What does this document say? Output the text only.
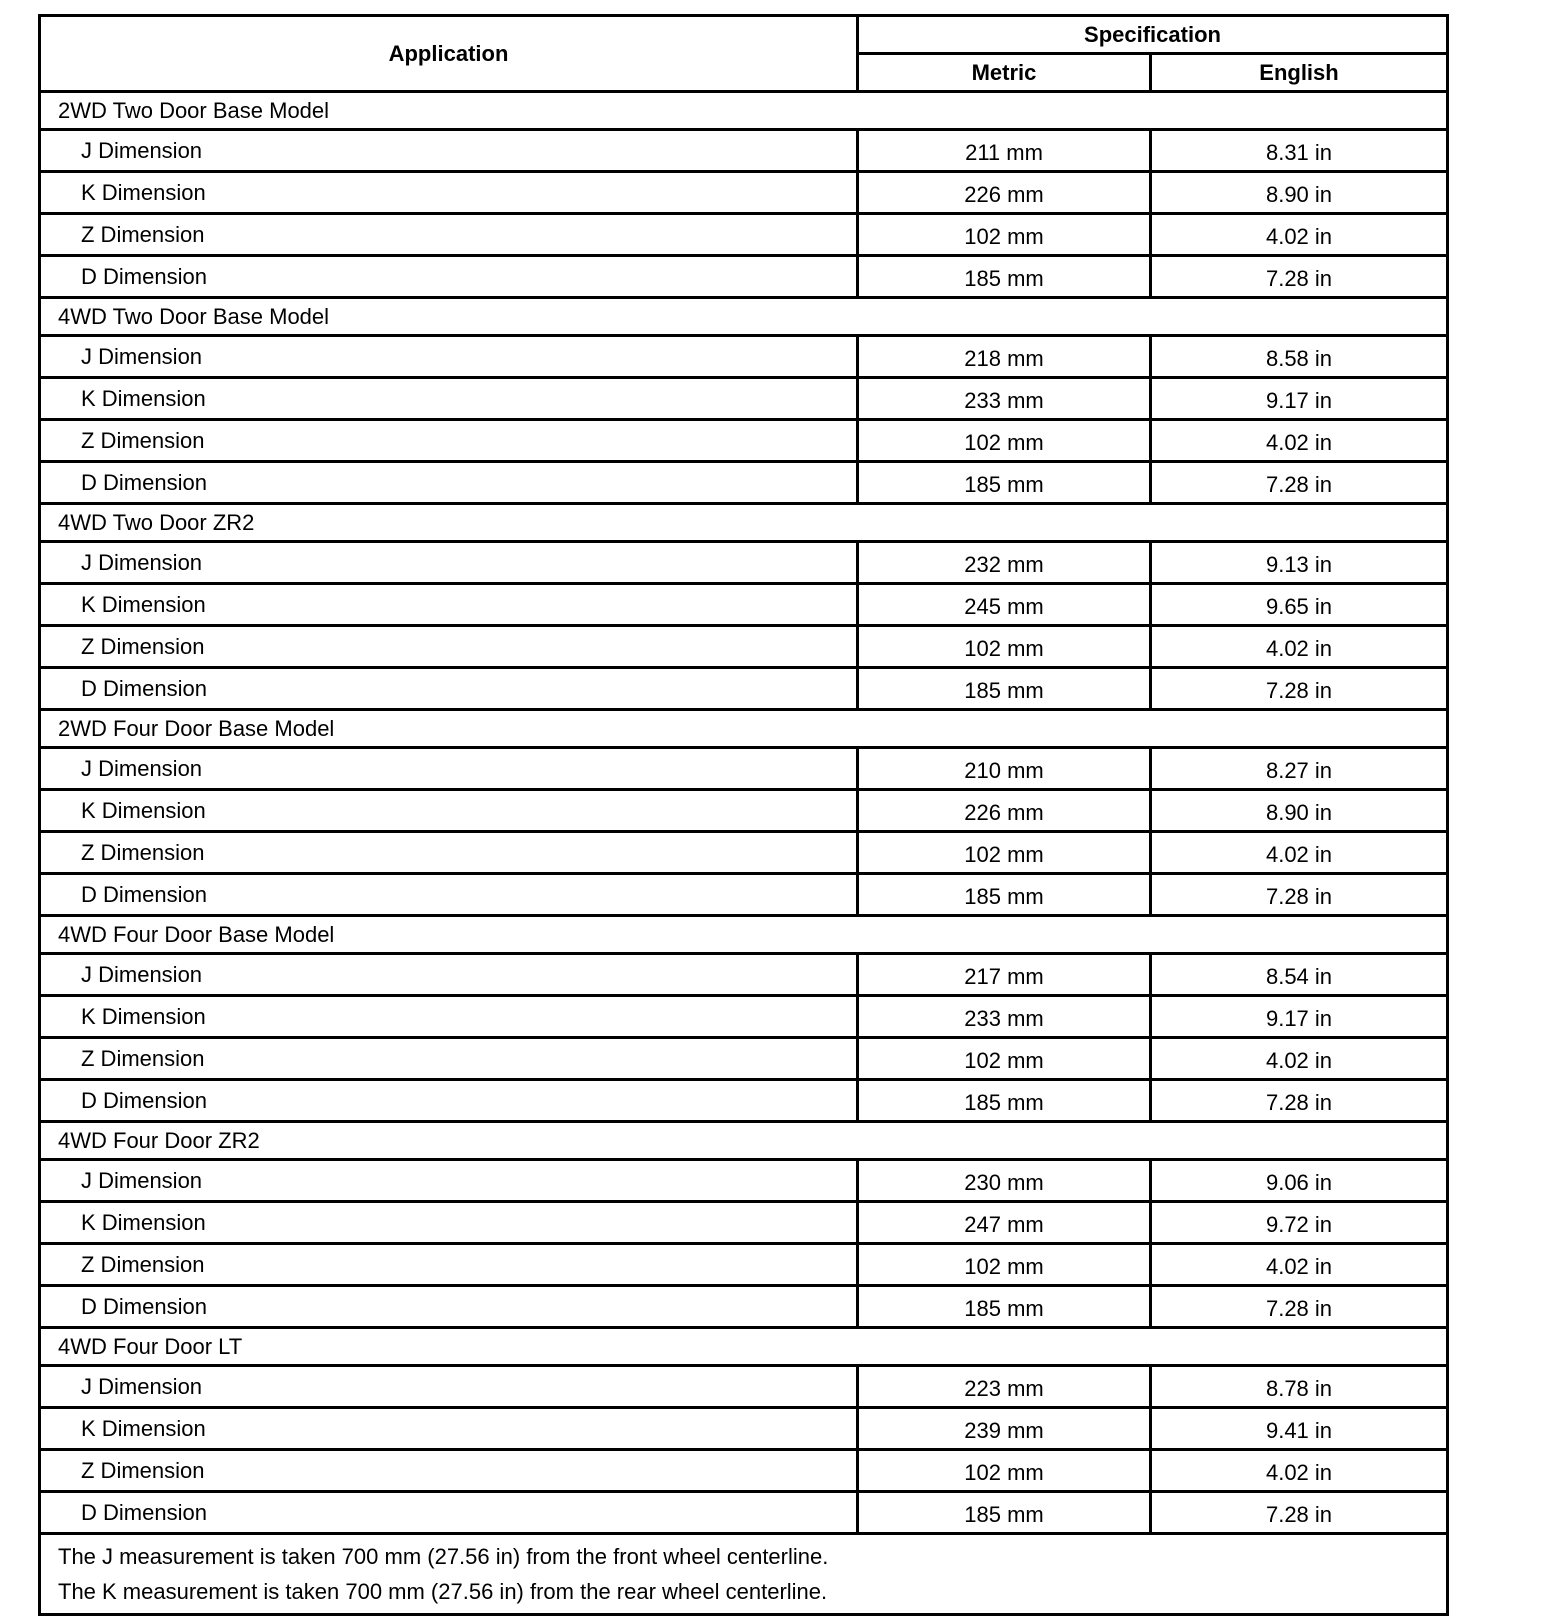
Application	Specification	
	Metric	English
2WD Two Door Base Model		
J Dimension	211 mm	8.31 in
K Dimension	226 mm	8.90 in
Z Dimension	102 mm	4.02 in
D Dimension	185 mm	7.28 in
4WD Two Door Base Model		
J Dimension	218 mm	8.58 in
K Dimension	233 mm	9.17 in
Z Dimension	102 mm	4.02 in
D Dimension	185 mm	7.28 in
4WD Two Door ZR2		
J Dimension	232 mm	9.13 in
K Dimension	245 mm	9.65 in
Z Dimension	102 mm	4.02 in
D Dimension	185 mm	7.28 in
2WD Four Door Base Model		
J Dimension	210 mm	8.27 in
K Dimension	226 mm	8.90 in
Z Dimension	102 mm	4.02 in
D Dimension	185 mm	7.28 in
4WD Four Door Base Model		
J Dimension	217 mm	8.54 in
K Dimension	233 mm	9.17 in
Z Dimension	102 mm	4.02 in
D Dimension	185 mm	7.28 in
4WD Four Door ZR2		
J Dimension	230 mm	9.06 in
K Dimension	247 mm	9.72 in
Z Dimension	102 mm	4.02 in
D Dimension	185 mm	7.28 in
4WD Four Door LT		
J Dimension	223 mm	8.78 in
K Dimension	239 mm	9.41 in
Z Dimension	102 mm	4.02 in
D Dimension	185 mm	7.28 in

The J measurement is taken 700 mm (27.56 in) from the front wheel centerline.
The K measurement is taken 700 mm (27.56 in) from the rear wheel centerline.		
